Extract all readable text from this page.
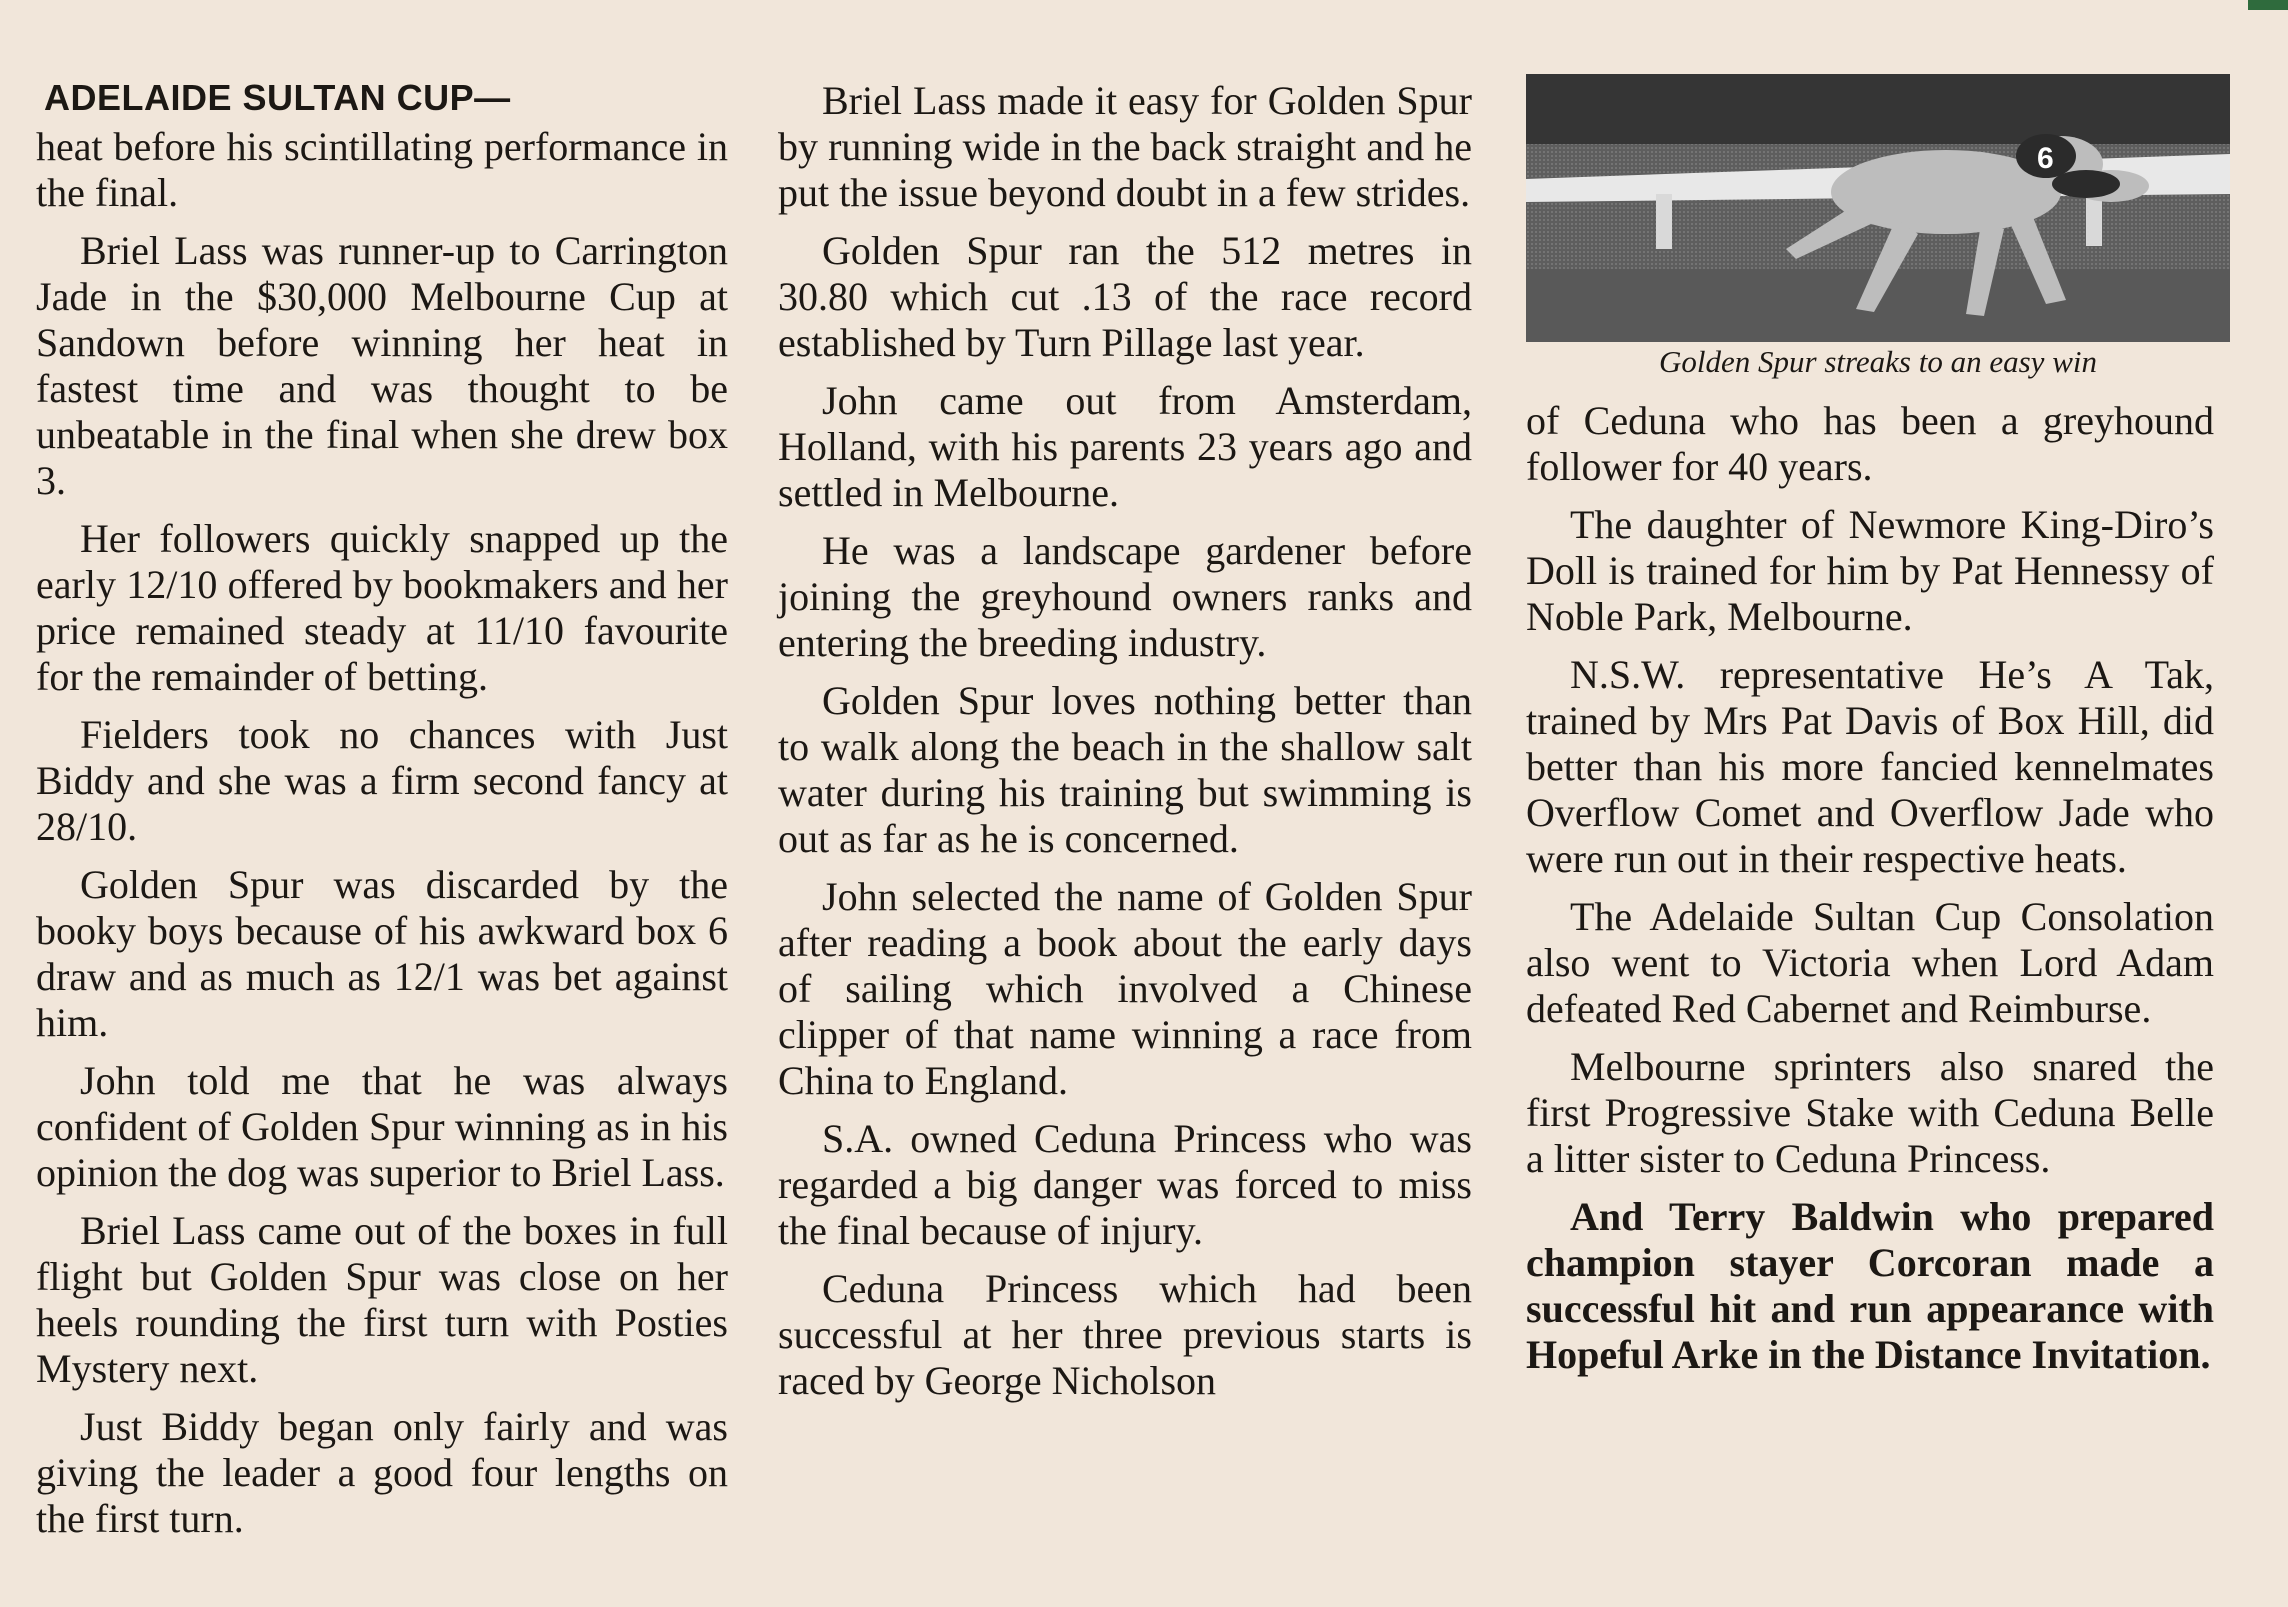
ADELAIDE SULTAN CUP—

heat before his scintillating performance in the final.

Briel Lass was runner-up to Carrington Jade in the $30,000 Melbourne Cup at Sandown before winning her heat in fastest time and was thought to be unbeatable in the final when she drew box 3.

Her followers quickly snapped up the early 12/10 offered by bookmakers and her price remained steady at 11/10 favourite for the remainder of betting.

Fielders took no chances with Just Biddy and she was a firm second fancy at 28/10.

Golden Spur was discarded by the booky boys because of his awkward box 6 draw and as much as 12/1 was bet against him.

John told me that he was always confident of Golden Spur winning as in his opinion the dog was superior to Briel Lass.

Briel Lass came out of the boxes in full flight but Golden Spur was close on her heels rounding the first turn with Posties Mystery next.

Just Biddy began only fairly and was giving the leader a good four lengths on the first turn.

Briel Lass made it easy for Golden Spur by running wide in the back straight and he put the issue beyond doubt in a few strides.

Golden Spur ran the 512 metres in 30.80 which cut .13 of the race record established by Turn Pillage last year.

John came out from Amsterdam, Holland, with his parents 23 years ago and settled in Melbourne.

He was a landscape gardener before joining the greyhound owners ranks and entering the breeding industry.

Golden Spur loves nothing better than to walk along the beach in the shallow salt water during his training but swimming is out as far as he is concerned.

John selected the name of Golden Spur after reading a book about the early days of sailing which involved a Chinese clipper of that name winning a race from China to England.

S.A. owned Ceduna Princess who was regarded a big danger was forced to miss the final because of injury.

Ceduna Princess which had been successful at her three previous starts is raced by George Nicholson

6
Golden Spur streaks to an easy win

of Ceduna who has been a greyhound follower for 40 years.

The daughter of Newmore King-Diro’s Doll is trained for him by Pat Hennessy of Noble Park, Melbourne.

N.S.W. representative He’s A Tak, trained by Mrs Pat Davis of Box Hill, did better than his more fancied kennelmates Overflow Comet and Overflow Jade who were run out in their respective heats.

The Adelaide Sultan Cup Consolation also went to Victoria when Lord Adam defeated Red Cabernet and Reimburse.

Melbourne sprinters also snared the first Progressive Stake with Ceduna Belle a litter sister to Ceduna Princess.

And Terry Baldwin who prepared champion stayer Corcoran made a successful hit and run appearance with Hopeful Arke in the Distance Invitation.
